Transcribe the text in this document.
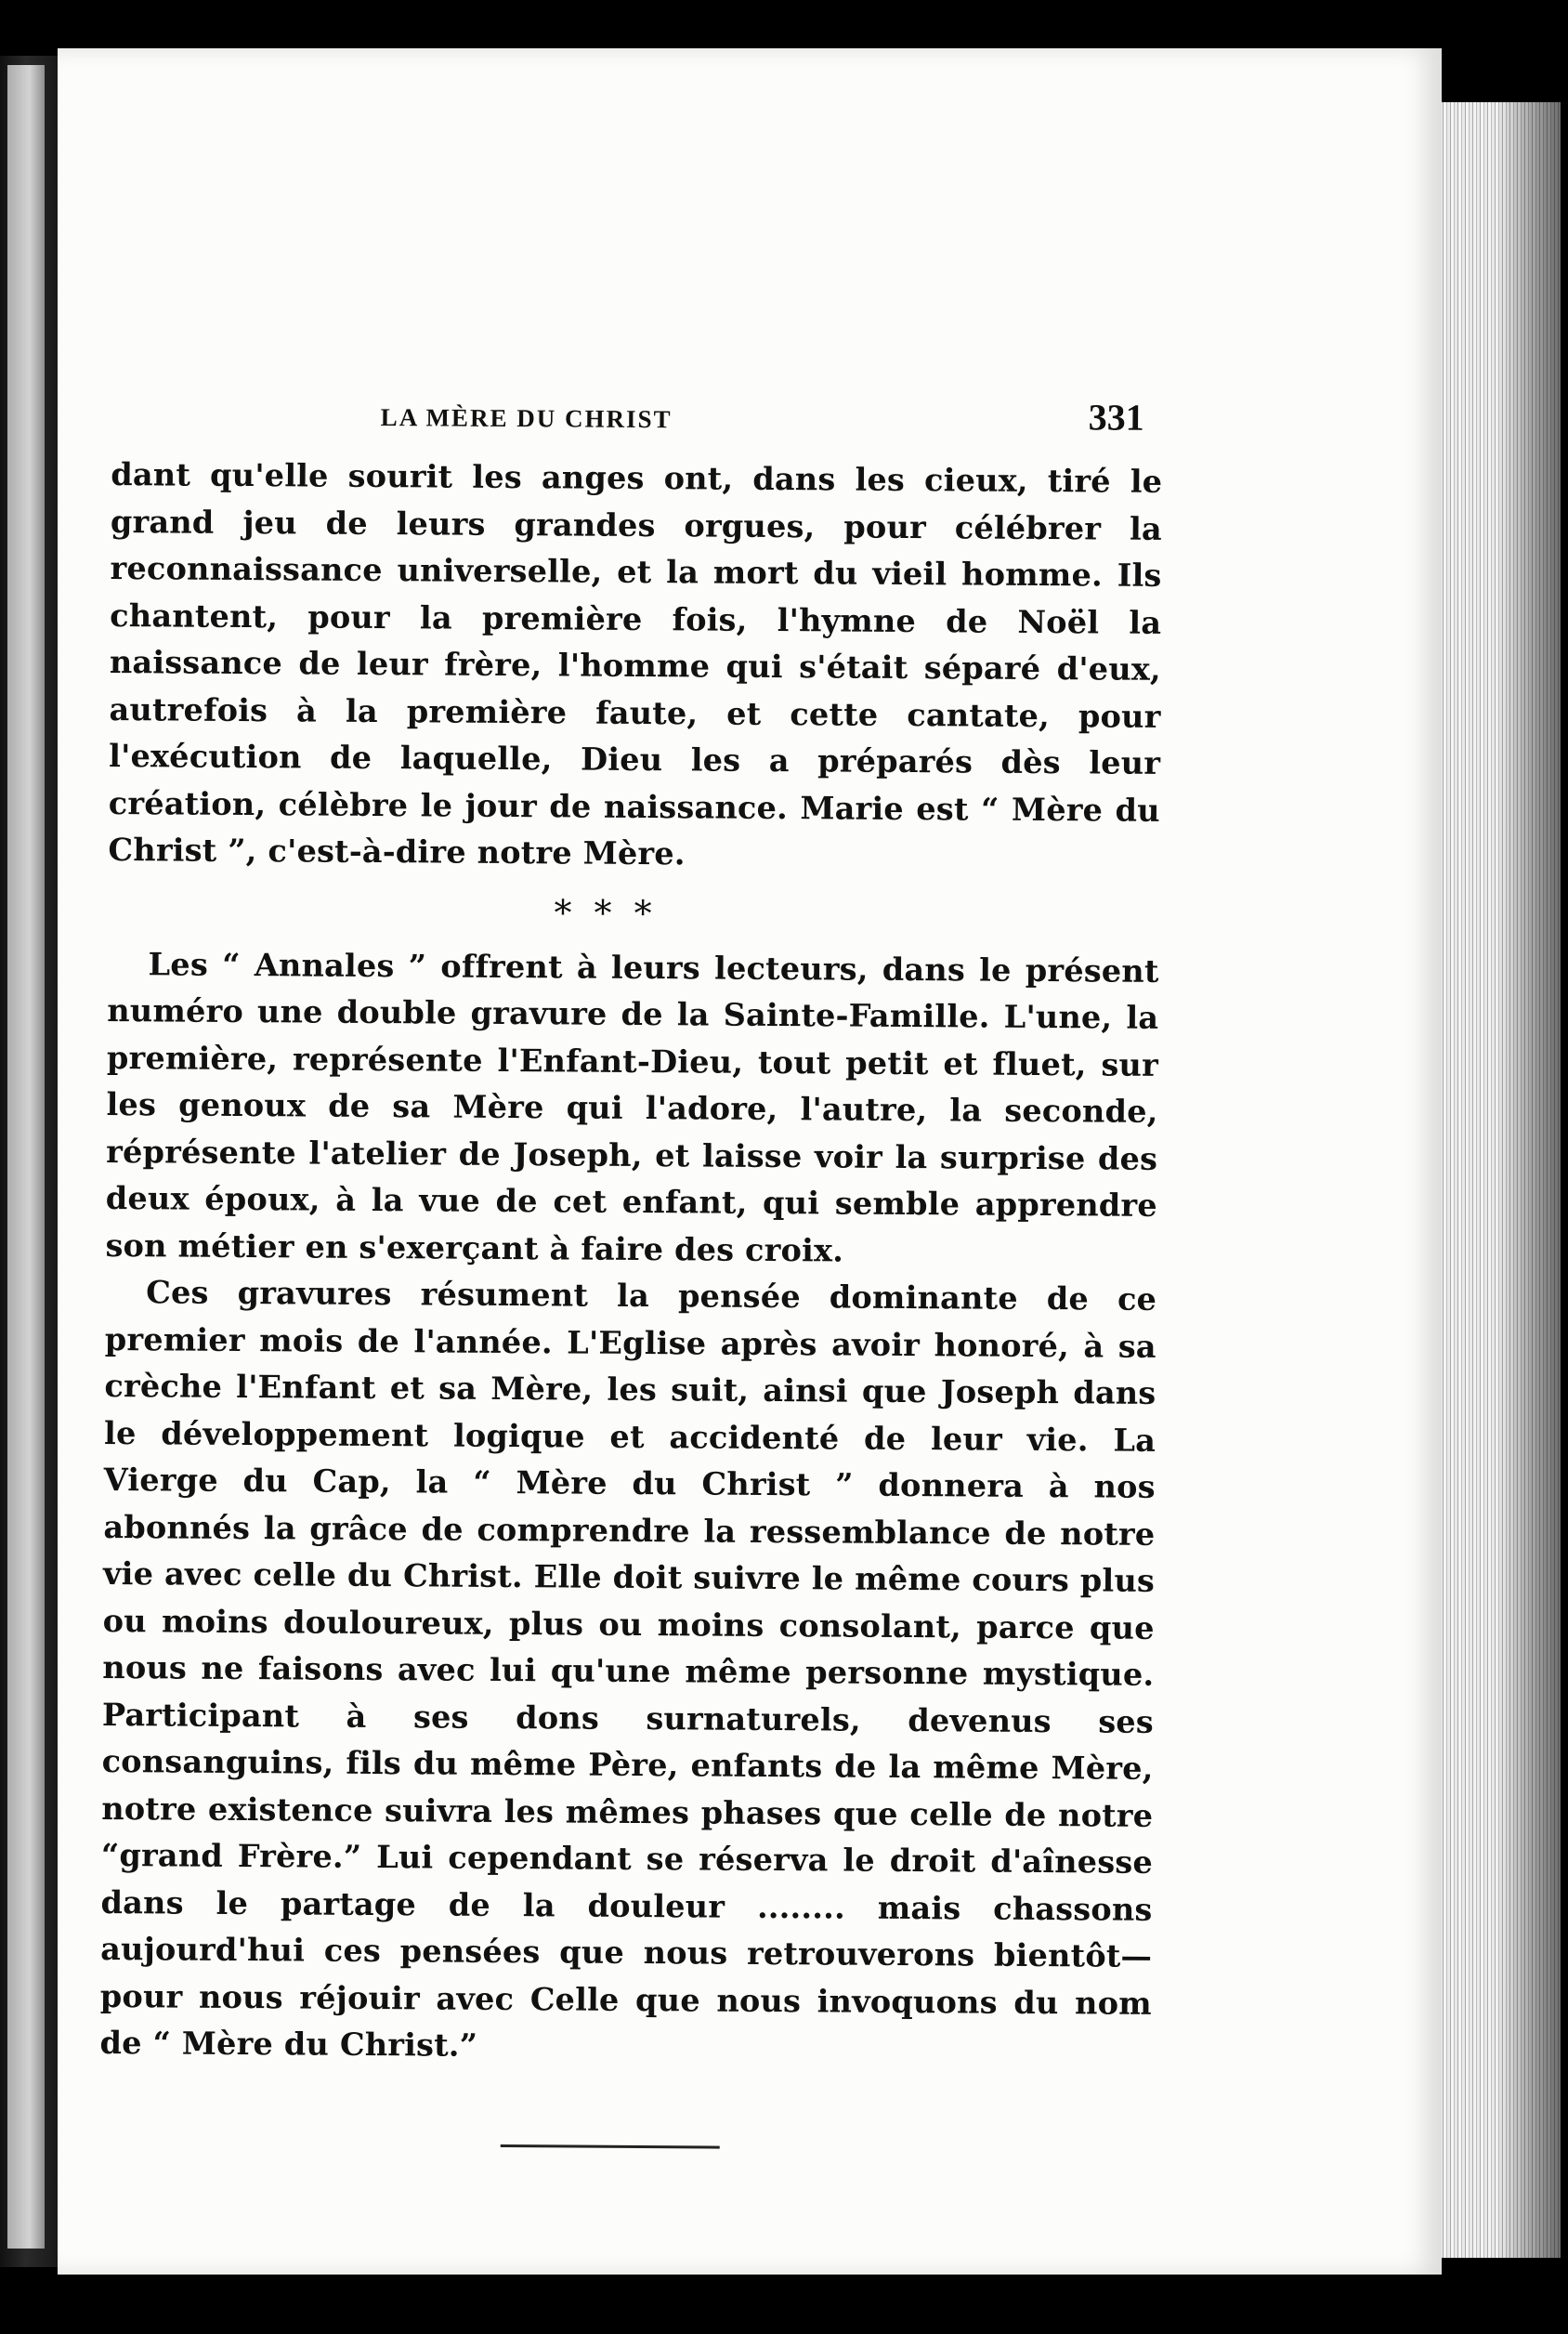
LA MÈRE DU CHRIST	331

dant qu'elle sourit les anges ont, dans les cieux, tiré le grand jeu de leurs grandes orgues, pour célébrer la reconnaissance universelle, et la mort du vieil homme. Ils chantent, pour la première fois, l'hymne de Noël la naissance de leur frère, l'homme qui s'était séparé d'eux, autrefois à la première faute, et cette cantate, pour l'exécution de laquelle, Dieu les a préparés dès leur création, célèbre le jour de naissance. Marie est “ Mère du Christ ”, c'est-à-dire notre Mère.

* * *

Les “ Annales ” offrent à leurs lecteurs, dans le présent numéro une double gravure de la Sainte-Famille. L'une, la première, représente l'Enfant-Dieu, tout petit et fluet, sur les genoux de sa Mère qui l'adore, l'autre, la seconde, réprésente l'atelier de Joseph, et laisse voir la surprise des deux époux, à la vue de cet enfant, qui semble apprendre son métier en s'exerçant à faire des croix.

Ces gravures résument la pensée dominante de ce premier mois de l'année. L'Eglise après avoir honoré, à sa crèche l'Enfant et sa Mère, les suit, ainsi que Joseph dans le développement logique et accidenté de leur vie. La Vierge du Cap, la “ Mère du Christ ” donnera à nos abonnés la grâce de comprendre la ressemblance de notre vie avec celle du Christ. Elle doit suivre le même cours plus ou moins douloureux, plus ou moins consolant, parce que nous ne faisons avec lui qu'une même personne mystique. Participant à ses dons surnaturels, devenus ses consanguins, fils du même Père, enfants de la même Mère, notre existence suivra les mêmes phases que celle de notre “grand Frère.” Lui cependant se réserva le droit d'aînesse dans le partage de la douleur ........ mais chassons aujourd'hui ces pensées que nous retrouverons bientôt—pour nous réjouir avec Celle que nous invoquons du nom de “ Mère du Christ.”
